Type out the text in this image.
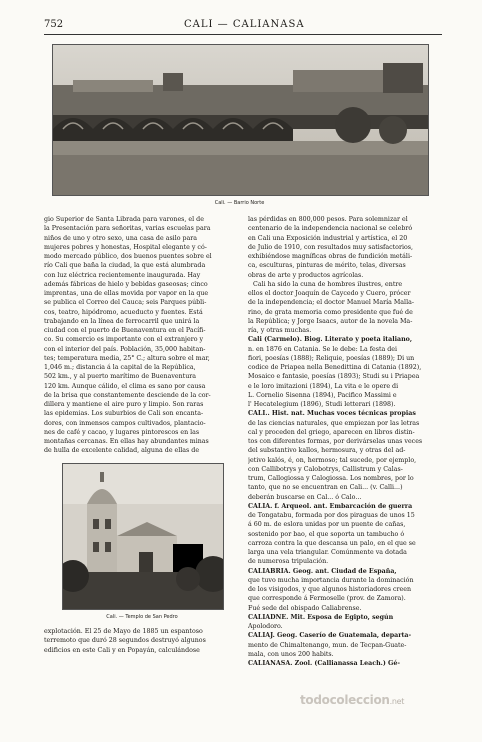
752	CALI — CALIANASA
Cali. — Barrio Norte

gio Superior de Santa Librada para varones, el de

la Presentación para señoritas, varias escuelas para

niños de uno y otro sexo, una casa de asilo para

mujeres pobres y honestas, Hospital elegante y có-

modo mercado público, dos buenos puentes sobre el

río Cali que baña la ciudad, la que está alumbrada

con luz eléctrica recientemente inaugurada. Hay

además fábricas de hielo y bebidas gaseosas; cinco

imprentas, una de ellas movida por vapor en la que

se publica el Correo del Cauca; seis Parques públi-

cos, teatro, hipódromo, acueducto y fuentes. Está

trabajando en la línea de ferrocarril que unirá la

ciudad con el puerto de Buenaventura en el Pacífi-

co. Su comercio es importante con el extranjero y

con el interior del país. Población, 35,000 habitan-

tes; temperatura media, 25° C.; altura sobre el mar,

1,046 m.; distancia á la capital de la República,

502 km., y al puerto marítimo de Buenaventura

120 km. Aunque cálido, el clima es sano por causa

de la brisa que constantemente desciende de la cor-

dillera y mantiene el aire puro y limpio. Son raras

las epidemias. Los suburbios de Cali son encanta-

dores, con inmensos campos cultivados, plantacio-

nes de café y cacao, y lugares pintorescos en las

montañas cercanas. En ellas hay abundantes minas

de hulla de excelente calidad, alguna de ellas de

Cali. — Templo de San Pedro

explotación. El 25 de Mayo de 1885 un espantoso

terremoto que duró 28 segundos destruyó algunos

edificios en este Cali y en Popayán, calculándose

las pérdidas en 800,000 pesos. Para solemnizar el

centenario de la independencia nacional se celebró

en Cali una Exposición industrial y artística, el 20

de Julio de 1910, con resultados muy satisfactorios,

exhibiéndose magníficas obras de fundición metáli-

ca, esculturas, pinturas de mérito, telas, diversas

obras de arte y productos agrícolas.

Cali ha sido la cuna de hombres ilustres, entre

ellos el doctor Joaquín de Caycedo y Cuero, prócer

de la independencia; el doctor Manuel María Malla-

rino, de grata memoria como presidente que fué de

la República; y Jorge Isaacs, autor de la novela Ma-

ría, y otras muchas.

Cali (Carmelo). Biog. Literato y poeta italiano,

n. en 1876 en Catania. Se le debe: La festa dei

fiori, poesías (1888); Reliquie, poesías (1889); Di un

codice de Priapea nella Benedittina di Catania (1892),

Mosaico e fantasie, poesías (1893); Studi su i Priapea

e le loro imitazioni (1894), La vita e le opere di

L. Cornelio Sisenna (1894), Pacifico Massimi e

l' Hecatelegium (1896), Studi letterari (1898).

CALI.. Hist. nat. Muchas voces técnicas propias

de las ciencias naturales, que empiezan por las letras

cal y proceden del griego, aparecen en libros distin-

tos con diferentes formas, por derivárselas unas veces

del substantivo kallos, hermosura, y otras del ad-

jetivo kalós, é, on, hermoso; tal sucede, por ejemplo,

con Callibotrys y Calobotrys, Callistrum y Calas-

trum, Callogiossa y Calogiossa. Los nombres, por lo

tanto, que no se encuentran en Cali... (v. Calli...)

deberán buscarse en Cal... ó Calo...

CALIA. f. Arqueol. ant. Embarcación de guerra

de Tongatabu, formada por dos piraguas de unos 15

á 60 m. de eslora unidas por un puente de cañas,

sostenido por bao, el que soporta un tambucho ó

carroza contra la que descansa un palo, en el que se

larga una vela triangular. Comúnmente va dotada

de numerosa tripulación.

CALIABRIA. Geog. ant. Ciudad de España,

que tuvo mucha importancia durante la dominación

de los visigodos, y que algunos historiadores creen

que corresponde á Fermoselle (prov. de Zamora).

Fué sede del obispado Caliabrense.

CALIADNE. Mit. Esposa de Egipto, según

Apolodoro.

CALIAJ. Geog. Caserío de Guatemala, departa-

mento de Chimaltenango, mun. de Tecpan-Guate-

mala, con unos 200 habits.

CALIANASA. Zool. (Callianassa Leach.) Gé-

todocoleccion.net
